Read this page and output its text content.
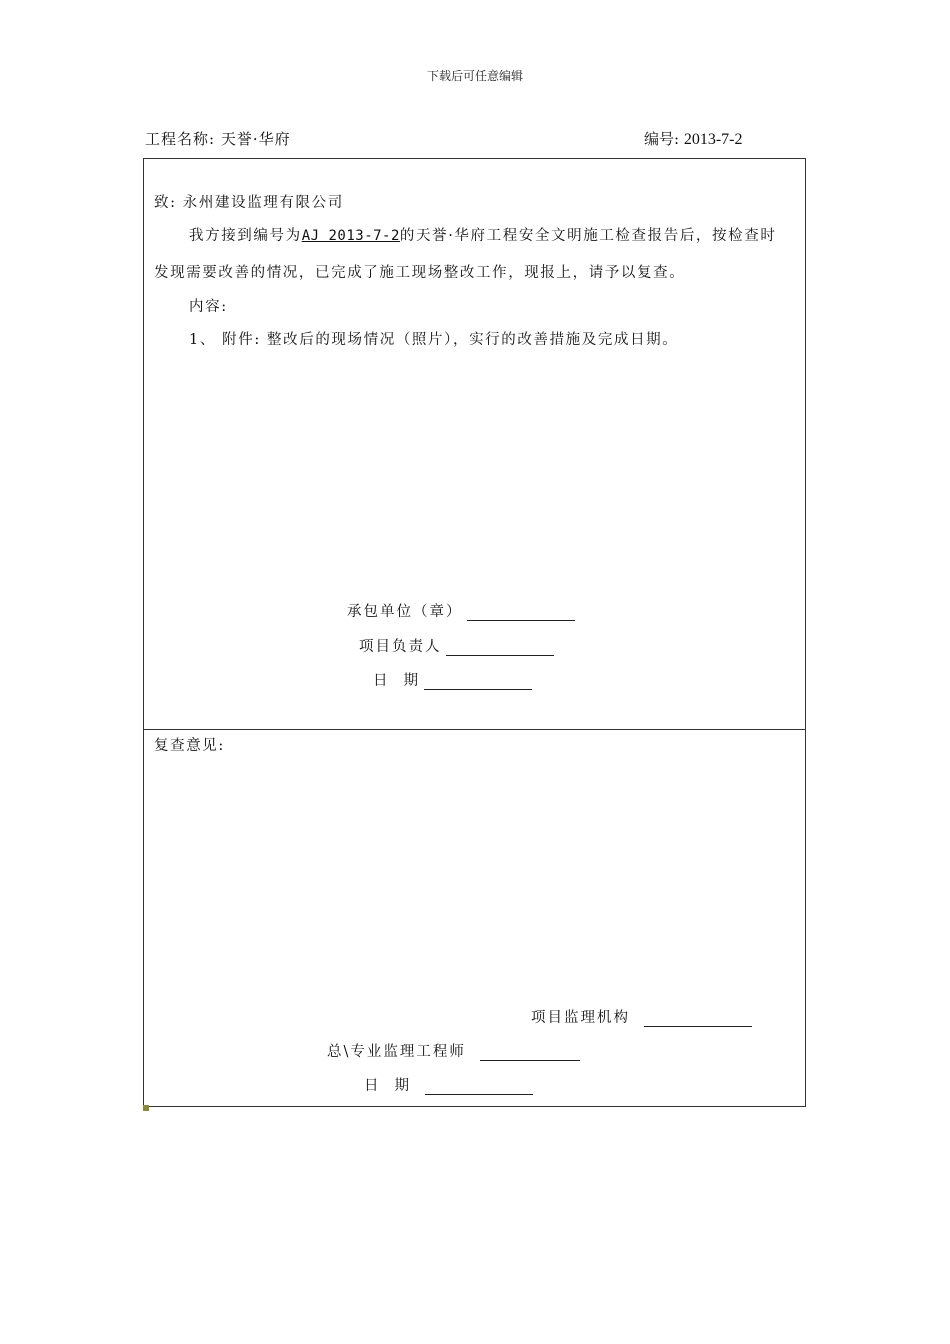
下载后可任意编辑
工程名称: 天誉·华府	编号: 2013-7-2
致: 永州建设监理有限公司
我方接到编号为AJ 2013-7-2的天誉·华府工程安全文明施工检查报告后，按检查时
发现需要改善的情况，已完成了施工现场整改工作，现报上，请予以复查。
内容:
1、 附件: 整改后的现场情况（照片），实行的改善措施及完成日期。
承包单位（章）
项目负责人
日 期
复查意见:
项目监理机构
总\专业监理工程师
日 期
